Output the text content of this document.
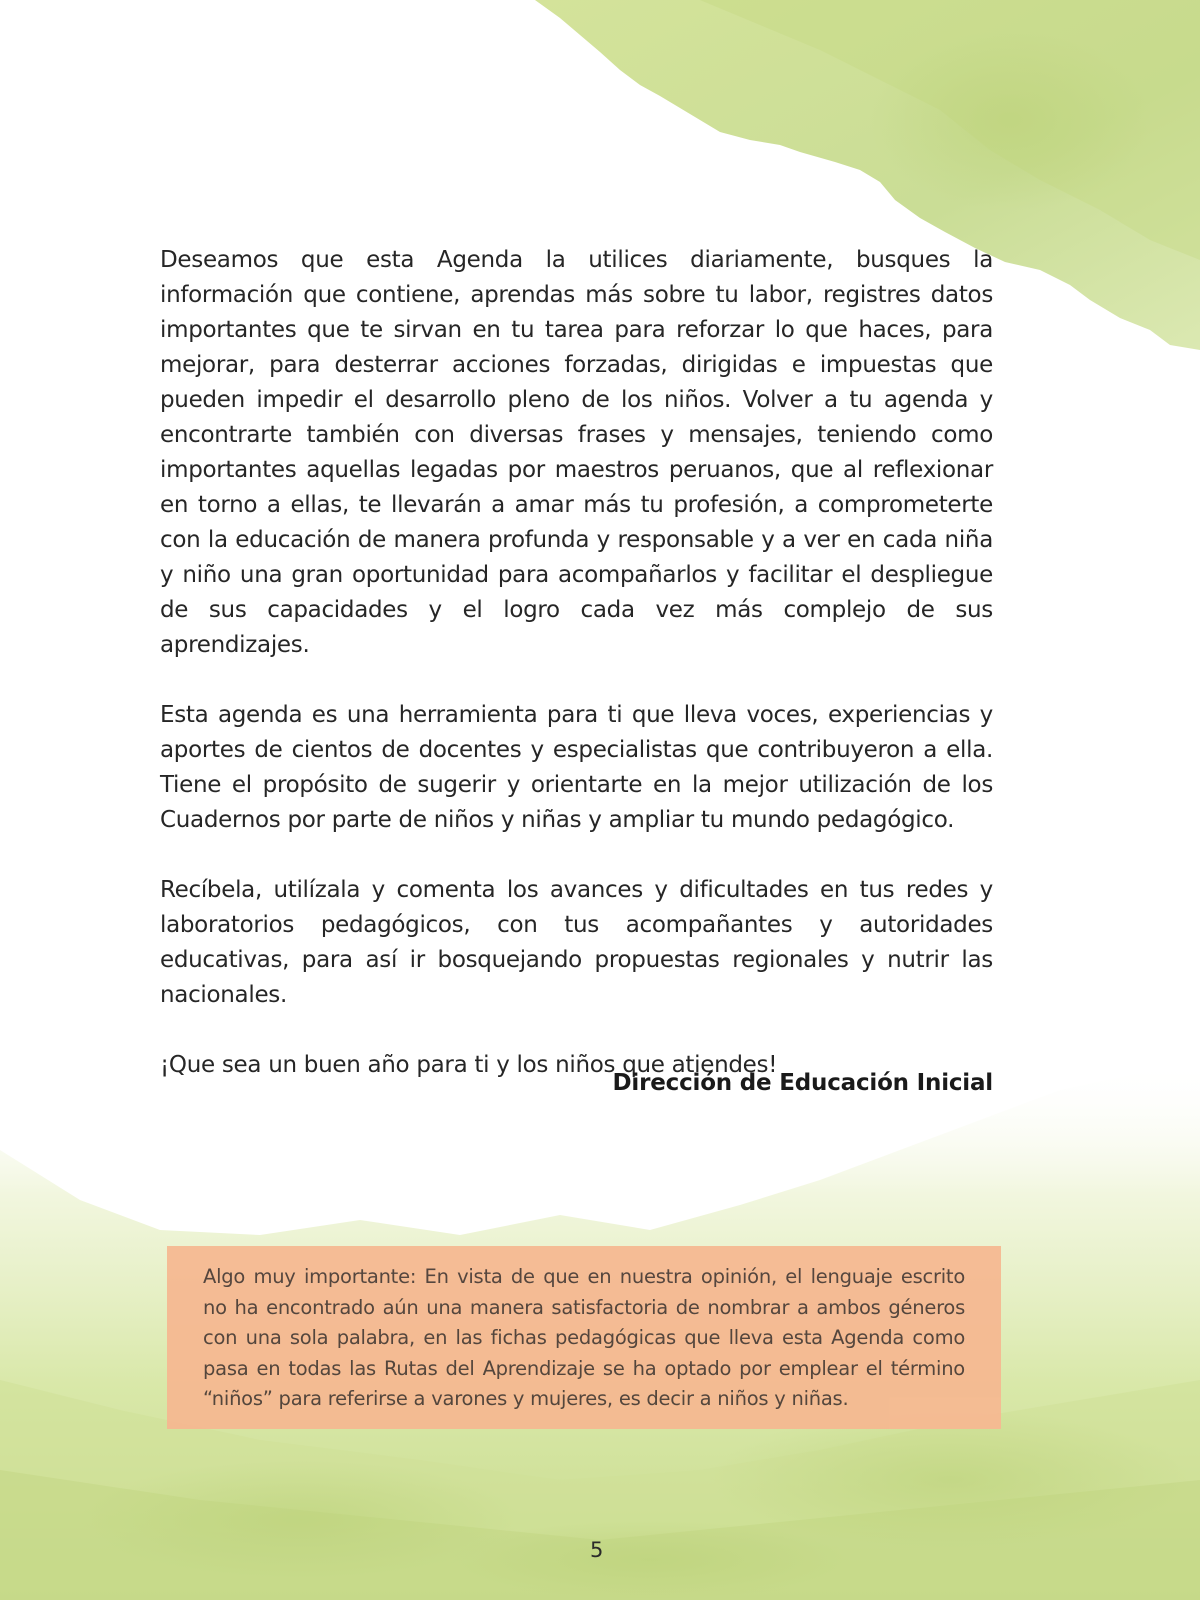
Deseamos que esta Agenda la utilices diariamente, busques la información que contiene, aprendas más sobre tu labor, registres datos importantes que te sirvan en tu tarea para reforzar lo que haces, para mejorar, para desterrar acciones forzadas, dirigidas e impuestas que pueden impedir el desarrollo pleno de los niños. Volver a tu agenda y encontrarte también con diversas frases y mensajes, teniendo como importantes aquellas legadas por maestros peruanos, que al reflexionar en torno a ellas, te llevarán a amar más tu profesión, a comprometerte con la educación de manera profunda y responsable y a ver en cada niña y niño una gran oportunidad para acompañarlos y facilitar el despliegue de sus capacidades y el logro cada vez más complejo de sus aprendizajes.

Esta agenda es una herramienta para ti que lleva voces, experiencias y aportes de cientos de docentes y especialistas que contribuyeron a ella. Tiene el propósito de sugerir y orientarte en la mejor utilización de los Cuadernos por parte de niños y niñas y ampliar tu mundo pedagógico.

Recíbela, utilízala y comenta los avances y dificultades en tus redes y laboratorios pedagógicos, con tus acompañantes y autoridades educativas, para así ir bosquejando propuestas regionales y nutrir las nacionales.

¡Que sea un buen año para ti y los niños que atiendes!

Dirección de Educación Inicial

Algo muy importante: En vista de que en nuestra opinión, el lenguaje escrito no ha encontrado aún una manera satisfactoria de nombrar a ambos géneros con una sola palabra, en las fichas pedagógicas que lleva esta Agenda como pasa en todas las Rutas del Aprendizaje se ha optado por emplear el término “niños” para referirse a varones y mujeres, es decir a niños y niñas.

5
